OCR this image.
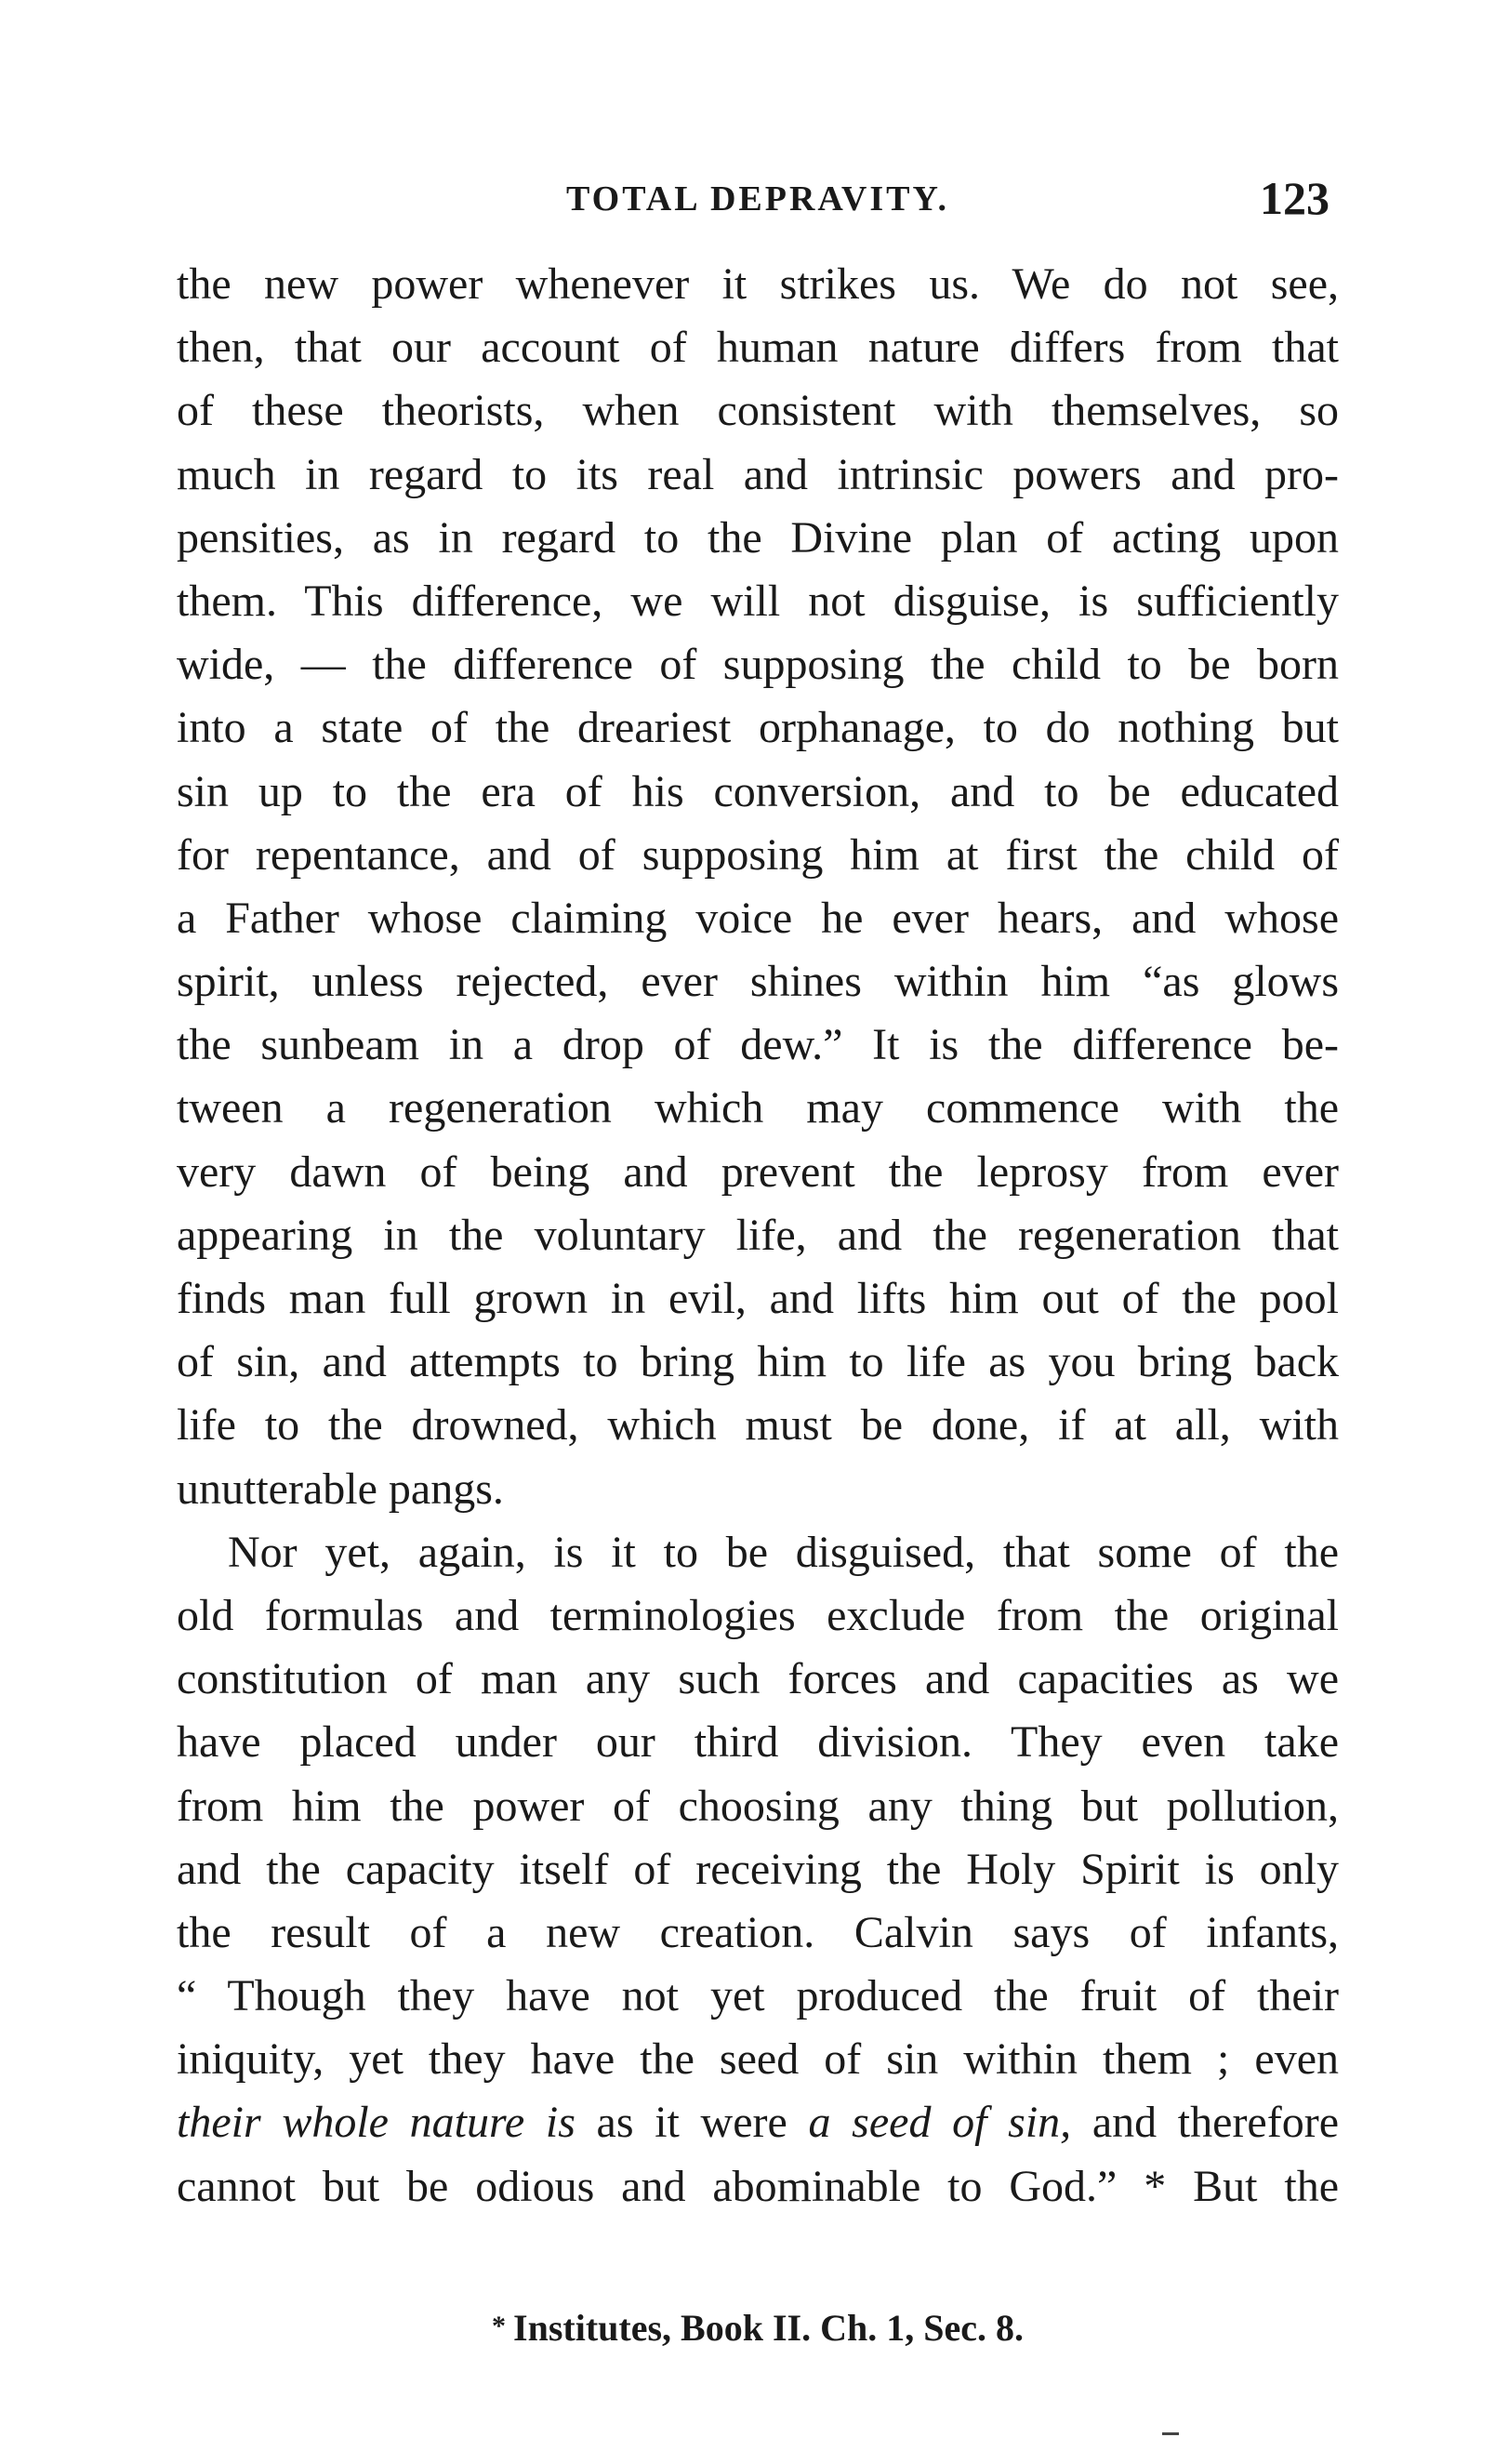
TOTAL DEPRAVITY.	123
the new power whenever it strikes us. We do not see,
then, that our account of human nature differs from that
of these theorists, when consistent with themselves, so
much in regard to its real and intrinsic powers and pro-
pensities, as in regard to the Divine plan of acting upon
them. This difference, we will not disguise, is sufficiently
wide, — the difference of supposing the child to be born
into a state of the dreariest orphanage, to do nothing but
sin up to the era of his conversion, and to be educated
for repentance, and of supposing him at first the child of
a Father whose claiming voice he ever hears, and whose
spirit, unless rejected, ever shines within him “as glows
the sunbeam in a drop of dew.” It is the difference be-
tween a regeneration which may commence with the
very dawn of being and prevent the leprosy from ever
appearing in the voluntary life, and the regeneration that
finds man full grown in evil, and lifts him out of the pool
of sin, and attempts to bring him to life as you bring back
life to the drowned, which must be done, if at all, with
unutterable pangs.
Nor yet, again, is it to be disguised, that some of the
old formulas and terminologies exclude from the original
constitution of man any such forces and capacities as we
have placed under our third division. They even take
from him the power of choosing any thing but pollution,
and the capacity itself of receiving the Holy Spirit is only
the result of a new creation. Calvin says of infants,
“ Though they have not yet produced the fruit of their
iniquity, yet they have the seed of sin within them ; even
their whole nature is as it were a seed of sin, and therefore
cannot but be odious and abominable to God.” * But the
* Institutes, Book II. Ch. 1, Sec. 8.
